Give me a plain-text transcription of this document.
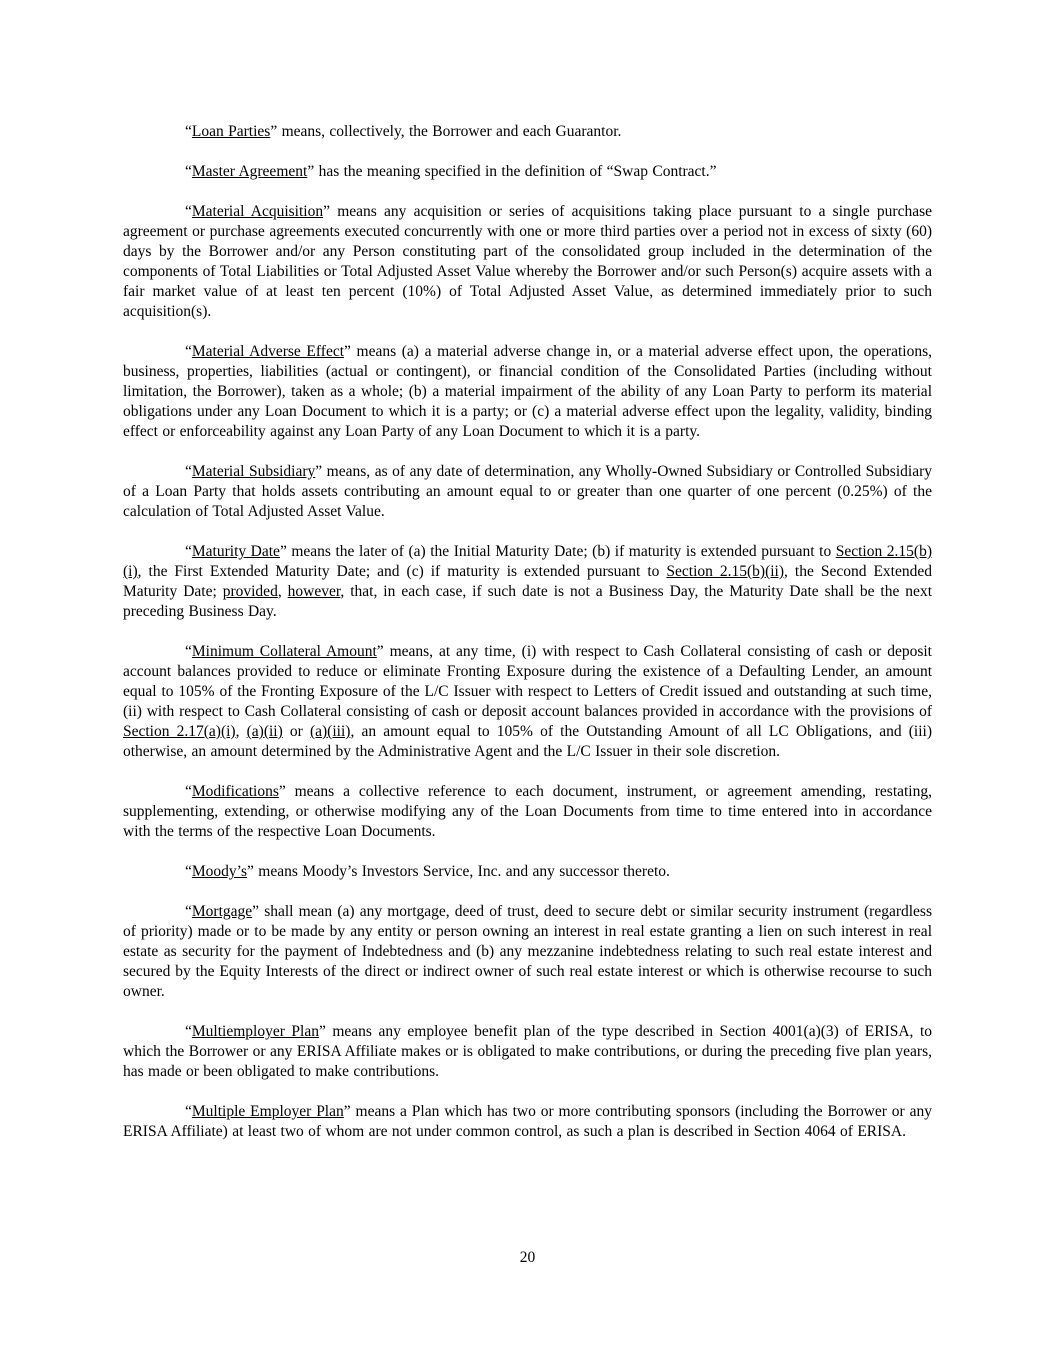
“Loan Parties” means, collectively, the Borrower and each Guarantor.

“Master Agreement” has the meaning specified in the definition of “Swap Contract.”

“Material Acquisition” means any acquisition or series of acquisitions taking place pursuant to a single purchase agreement or purchase agreements executed concurrently with one or more third parties over a period not in excess of sixty (60) days by the Borrower and/or any Person constituting part of the consolidated group included in the determination of the components of Total Liabilities or Total Adjusted Asset Value whereby the Borrower and/or such Person(s) acquire assets with a fair market value of at least ten percent (10%) of Total Adjusted Asset Value, as determined immediately prior to such acquisition(s).

“Material Adverse Effect” means (a) a material adverse change in, or a material adverse effect upon, the operations, business, properties, liabilities (actual or contingent), or financial condition of the Consolidated Parties (including without limitation, the Borrower), taken as a whole; (b) a material impairment of the ability of any Loan Party to perform its material obligations under any Loan Document to which it is a party; or (c) a material adverse effect upon the legality, validity, binding effect or enforceability against any Loan Party of any Loan Document to which it is a party.

“Material Subsidiary” means, as of any date of determination, any Wholly-Owned Subsidiary or Controlled Subsidiary of a Loan Party that holds assets contributing an amount equal to or greater than one quarter of one percent (0.25%) of the calculation of Total Adjusted Asset Value.

“Maturity Date” means the later of (a) the Initial Maturity Date; (b) if maturity is extended pursuant to Section 2.15(b)(i), the First Extended Maturity Date; and (c) if maturity is extended pursuant to Section 2.15(b)(ii), the Second Extended Maturity Date; provided, however, that, in each case, if such date is not a Business Day, the Maturity Date shall be the next preceding Business Day.

“Minimum Collateral Amount” means, at any time, (i) with respect to Cash Collateral consisting of cash or deposit account balances provided to reduce or eliminate Fronting Exposure during the existence of a Defaulting Lender, an amount equal to 105% of the Fronting Exposure of the L/C Issuer with respect to Letters of Credit issued and outstanding at such time, (ii) with respect to Cash Collateral consisting of cash or deposit account balances provided in accordance with the provisions of Section 2.17(a)(i), (a)(ii) or (a)(iii), an amount equal to 105% of the Outstanding Amount of all LC Obligations, and (iii) otherwise, an amount determined by the Administrative Agent and the L/C Issuer in their sole discretion.

“Modifications” means a collective reference to each document, instrument, or agreement amending, restating, supplementing, extending, or otherwise modifying any of the Loan Documents from time to time entered into in accordance with the terms of the respective Loan Documents.

“Moody’s” means Moody’s Investors Service, Inc. and any successor thereto.

“Mortgage” shall mean (a) any mortgage, deed of trust, deed to secure debt or similar security instrument (regardless of priority) made or to be made by any entity or person owning an interest in real estate granting a lien on such interest in real estate as security for the payment of Indebtedness and (b) any mezzanine indebtedness relating to such real estate interest and secured by the Equity Interests of the direct or indirect owner of such real estate interest or which is otherwise recourse to such owner.

“Multiemployer Plan” means any employee benefit plan of the type described in Section 4001(a)(3) of ERISA, to which the Borrower or any ERISA Affiliate makes or is obligated to make contributions, or during the preceding five plan years, has made or been obligated to make contributions.

“Multiple Employer Plan” means a Plan which has two or more contributing sponsors (including the Borrower or any ERISA Affiliate) at least two of whom are not under common control, as such a plan is described in Section 4064 of ERISA.

20
